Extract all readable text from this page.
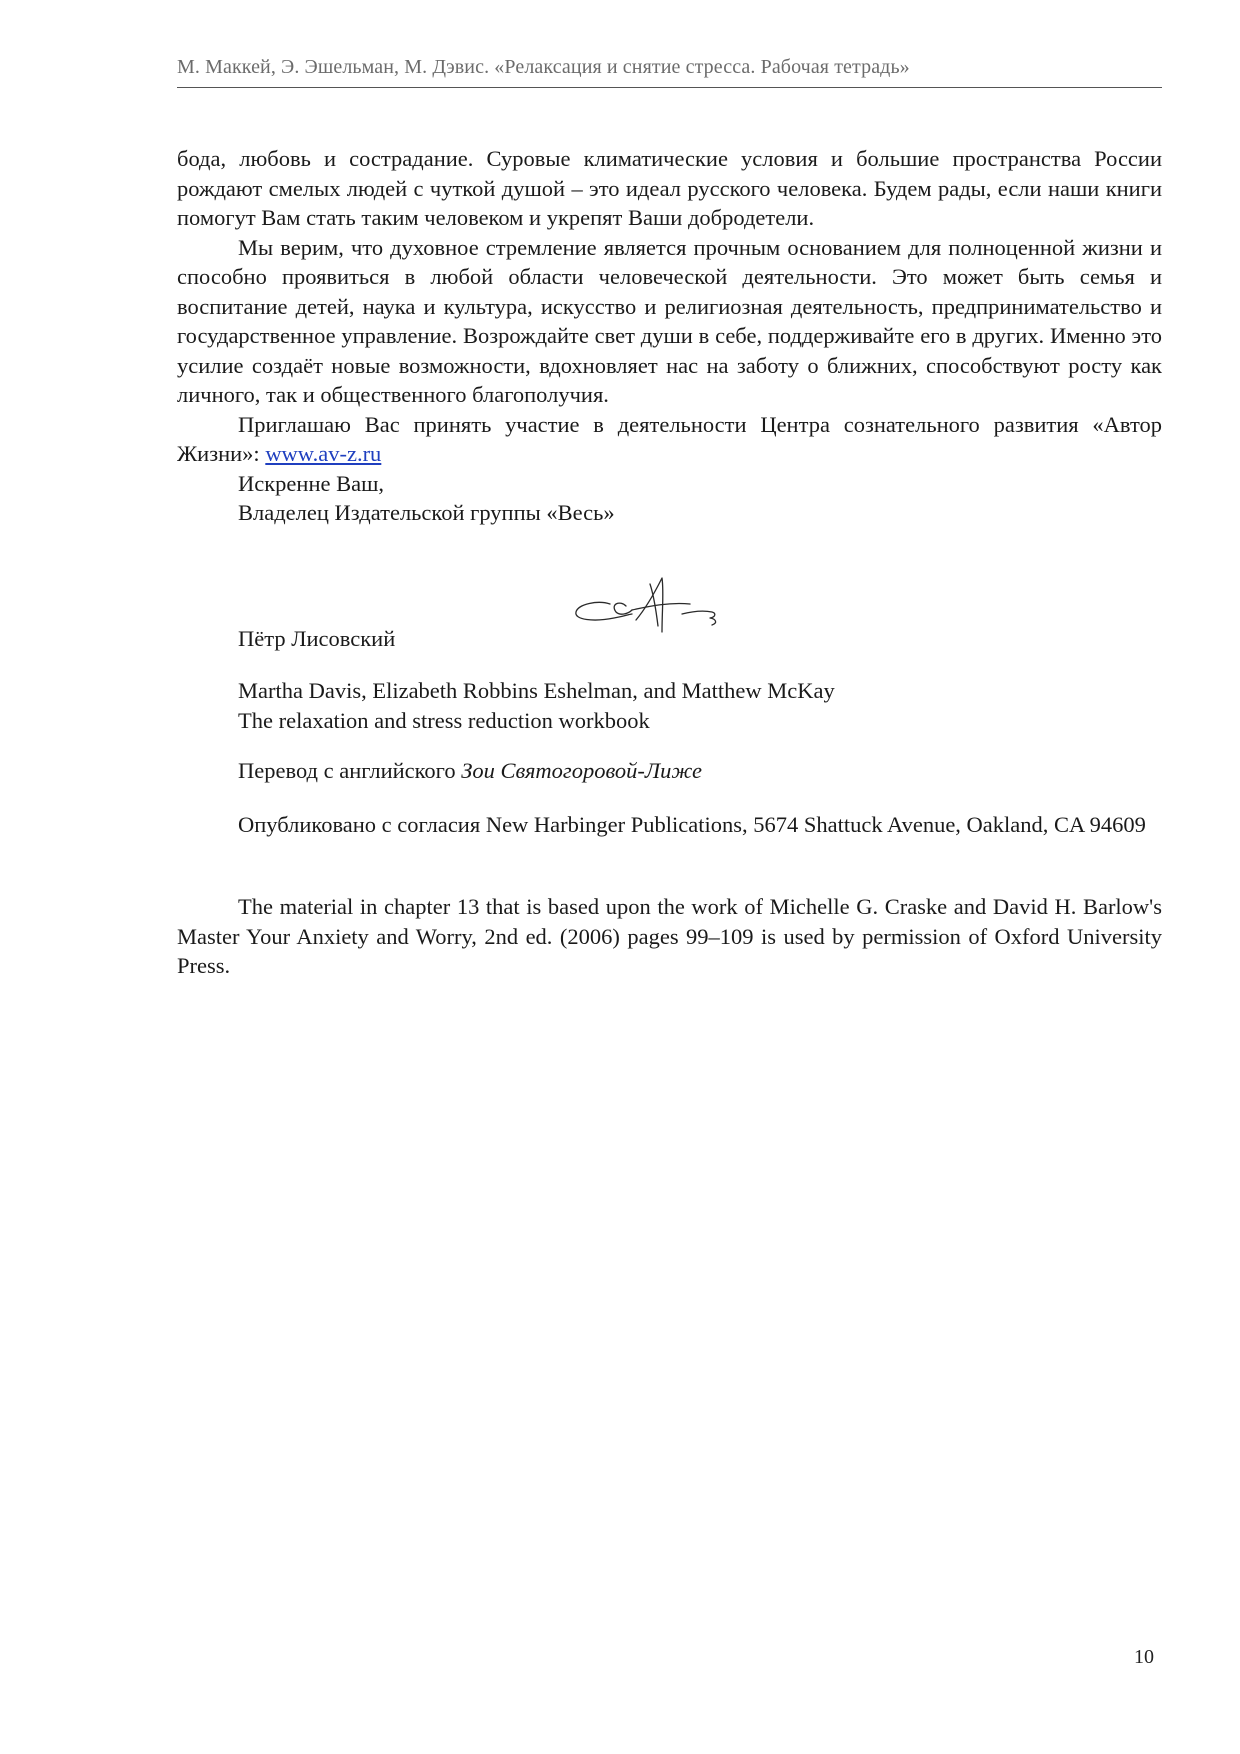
М. Маккей, Э. Эшельман, М. Дэвис. «Релаксация и снятие стресса. Рабочая тетрадь»

бода, любовь и сострадание. Суровые климатические условия и большие пространства России рождают смелых людей с чуткой душой – это идеал русского человека. Будем рады, если наши книги помогут Вам стать таким человеком и укрепят Ваши добродетели.

Мы верим, что духовное стремление является прочным основанием для полноценной жизни и способно проявиться в любой области человеческой деятельности. Это может быть семья и воспитание детей, наука и культура, искусство и религиозная деятельность, предпринимательство и государственное управление. Возрождайте свет души в себе, поддерживайте его в других. Именно это усилие создаёт новые возможности, вдохновляет нас на заботу о ближних, способствуют росту как личного, так и общественного благополучия.

Приглашаю Вас принять участие в деятельности Центра сознательного развития «Автор Жизни»: www.av-z.ru

Искренне Ваш,

Владелец Издательской группы «Весь»

Пётр Лисовский

Martha Davis, Elizabeth Robbins Eshelman, and Matthew McKay

The relaxation and stress reduction workbook

Перевод с английского Зои Святогоровой-Лиже

Опубликовано с согласия New Harbinger Publications, 5674 Shattuck Avenue, Oakland, CA 94609

The material in chapter 13 that is based upon the work of Michelle G. Craske and David H. Barlow's Master Your Anxiety and Worry, 2nd ed. (2006) pages 99–109 is used by permission of Oxford University Press.

10
